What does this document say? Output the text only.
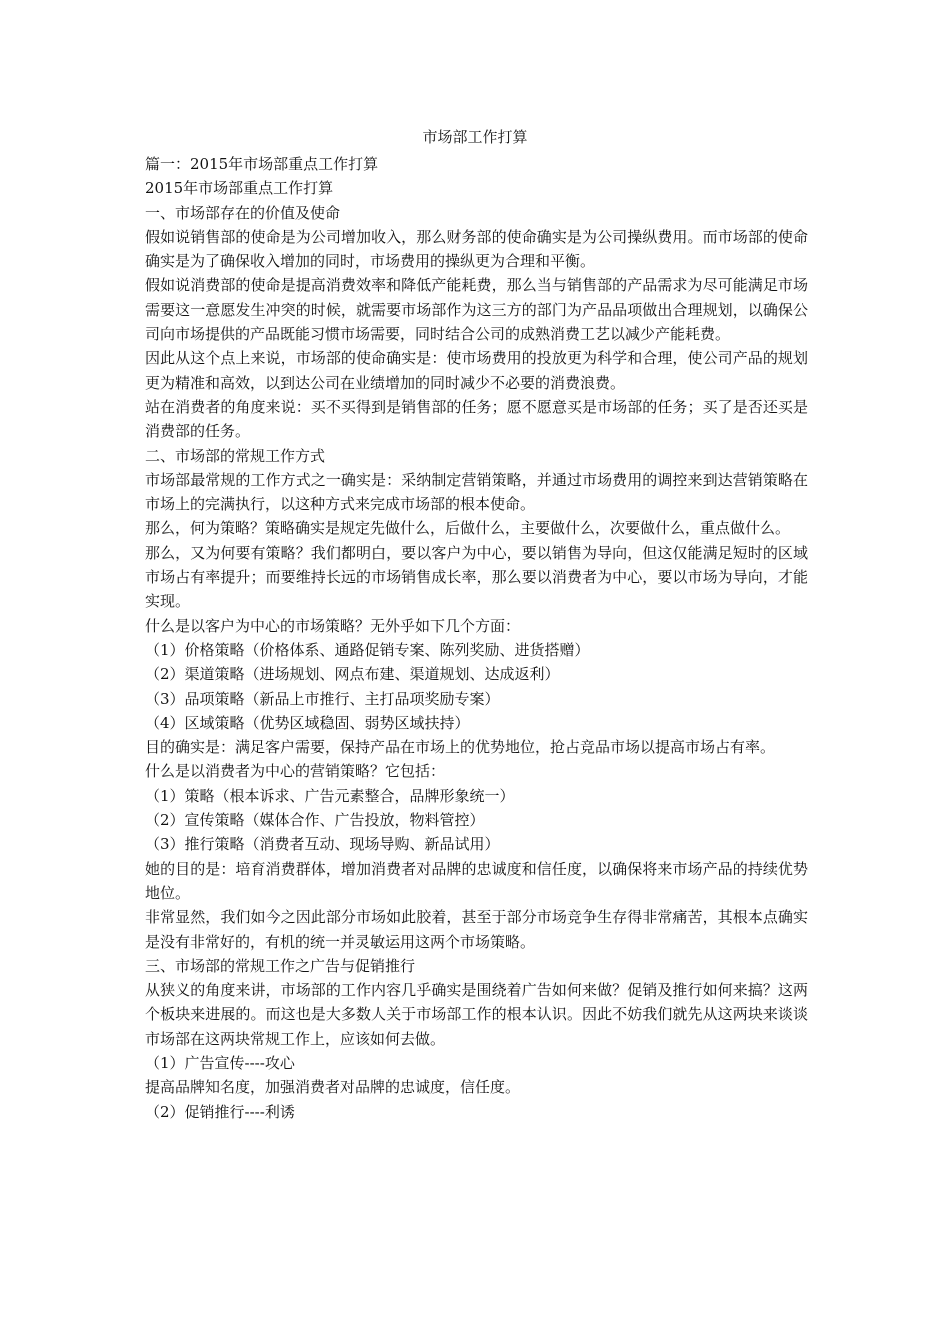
市场部工作打算

篇一：2015年市场部重点工作打算

2015年市场部重点工作打算

一、市场部存在的价值及使命

假如说销售部的使命是为公司增加收入，那么财务部的使命确实是为公司操纵费用。而市场部的使命确实是为了确保收入增加的同时，市场费用的操纵更为合理和平衡。

假如说消费部的使命是提高消费效率和降低产能耗费，那么当与销售部的产品需求为尽可能满足市场需要这一意愿发生冲突的时候，就需要市场部作为这三方的部门为产品品项做出合理规划，以确保公司向市场提供的产品既能习惯市场需要，同时结合公司的成熟消费工艺以减少产能耗费。

因此从这个点上来说，市场部的使命确实是：使市场费用的投放更为科学和合理，使公司产品的规划更为精准和高效，以到达公司在业绩增加的同时减少不必要的消费浪费。

站在消费者的角度来说：买不买得到是销售部的任务；愿不愿意买是市场部的任务；买了是否还买是消费部的任务。

二、市场部的常规工作方式

市场部最常规的工作方式之一确实是：采纳制定营销策略，并通过市场费用的调控来到达营销策略在市场上的完满执行，以这种方式来完成市场部的根本使命。

那么，何为策略？策略确实是规定先做什么，后做什么，主要做什么，次要做什么，重点做什么。

那么，又为何要有策略？我们都明白，要以客户为中心，要以销售为导向，但这仅能满足短时的区域市场占有率提升；而要维持长远的市场销售成长率，那么要以消费者为中心，要以市场为导向，才能实现。

什么是以客户为中心的市场策略？无外乎如下几个方面：

（1）价格策略（价格体系、通路促销专案、陈列奖励、进货搭赠）

（2）渠道策略（进场规划、网点布建、渠道规划、达成返利）

（3）品项策略（新品上市推行、主打品项奖励专案）

（4）区域策略（优势区域稳固、弱势区域扶持）

目的确实是：满足客户需要，保持产品在市场上的优势地位，抢占竞品市场以提高市场占有率。

什么是以消费者为中心的营销策略？它包括：

（1）策略（根本诉求、广告元素整合，品牌形象统一）

（2）宣传策略（媒体合作、广告投放，物料管控）

（3）推行策略（消费者互动、现场导购、新品试用）

她的目的是：培育消费群体，增加消费者对品牌的忠诚度和信任度，以确保将来市场产品的持续优势地位。

非常显然，我们如今之因此部分市场如此胶着，甚至于部分市场竞争生存得非常痛苦，其根本点确实是没有非常好的，有机的统一并灵敏运用这两个市场策略。

三、市场部的常规工作之广告与促销推行

从狭义的角度来讲，市场部的工作内容几乎确实是围绕着广告如何来做？促销及推行如何来搞？这两个板块来进展的。而这也是大多数人关于市场部工作的根本认识。因此不妨我们就先从这两块来谈谈市场部在这两块常规工作上，应该如何去做。

（1）广告宣传----攻心

提高品牌知名度，加强消费者对品牌的忠诚度，信任度。

（2）促销推行----利诱
